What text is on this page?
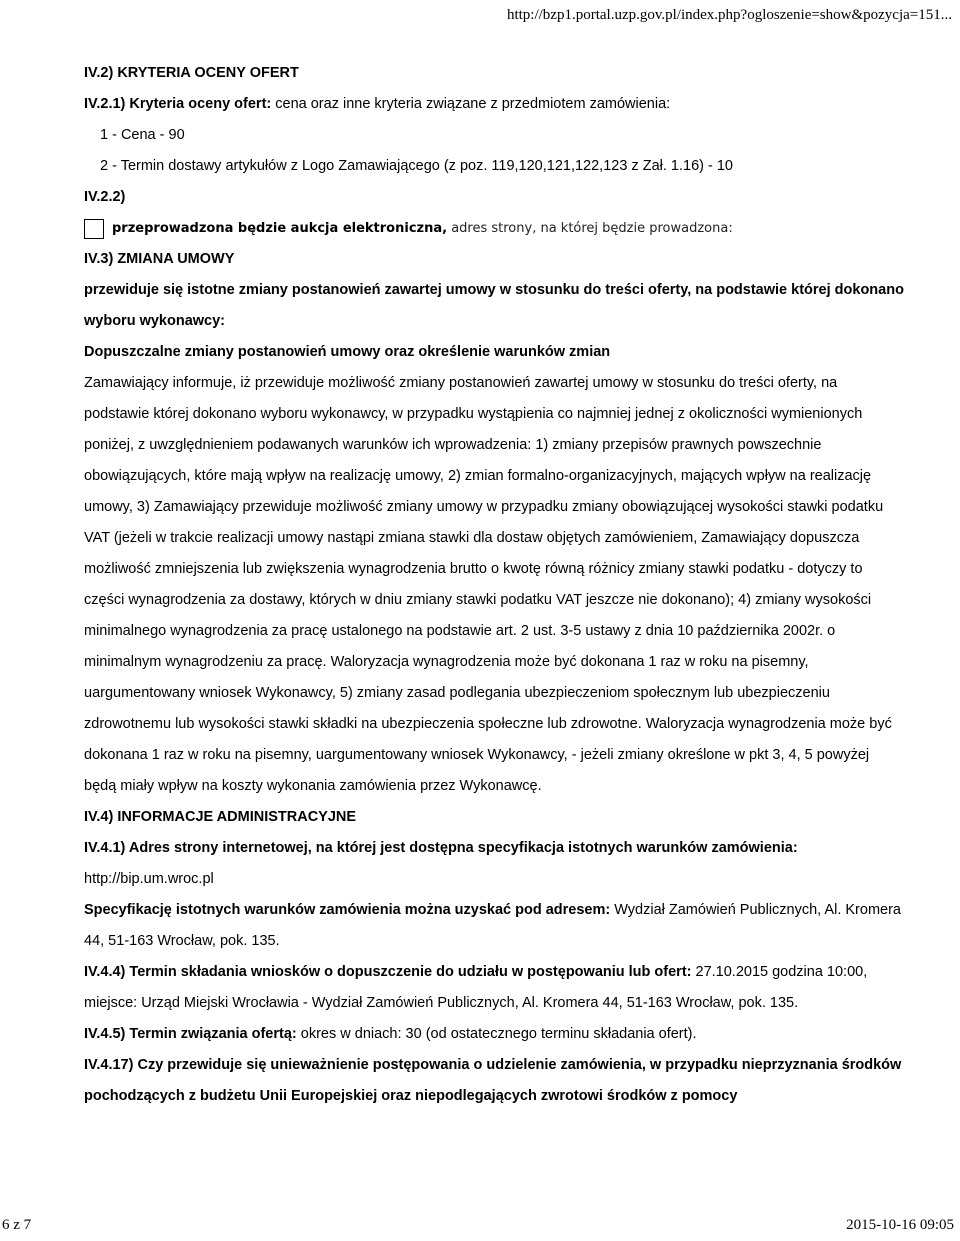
http://bzp1.portal.uzp.gov.pl/index.php?ogloszenie=show&pozycja=151...
IV.2) KRYTERIA OCENY OFERT
IV.2.1) Kryteria oceny ofert: cena oraz inne kryteria związane z przedmiotem zamówienia:
1 - Cena - 90
2 - Termin dostawy artykułów z Logo Zamawiającego (z poz. 119,120,121,122,123 z Zał. 1.16) - 10
IV.2.2)
przeprowadzona będzie aukcja elektroniczna, adres strony, na której będzie prowadzona:
IV.3) ZMIANA UMOWY

przewiduje się istotne zmiany postanowień zawartej umowy w stosunku do treści oferty, na podstawie której dokonano wyboru wykonawcy:

Dopuszczalne zmiany postanowień umowy oraz określenie warunków zmian

Zamawiający informuje, iż przewiduje możliwość zmiany postanowień zawartej umowy w stosunku do treści oferty, na podstawie której dokonano wyboru wykonawcy, w przypadku wystąpienia co najmniej jednej z okoliczności wymienionych poniżej, z uwzględnieniem podawanych warunków ich wprowadzenia: 1) zmiany przepisów prawnych powszechnie obowiązujących, które mają wpływ na realizację umowy, 2) zmian formalno-organizacyjnych, mających wpływ na realizację umowy, 3) Zamawiający przewiduje możliwość zmiany umowy w przypadku zmiany obowiązującej wysokości stawki podatku VAT (jeżeli w trakcie realizacji umowy nastąpi zmiana stawki dla dostaw objętych zamówieniem, Zamawiający dopuszcza możliwość zmniejszenia lub zwiększenia wynagrodzenia brutto o kwotę równą różnicy zmiany stawki podatku - dotyczy to części wynagrodzenia za dostawy, których w dniu zmiany stawki podatku VAT jeszcze nie dokonano); 4) zmiany wysokości minimalnego wynagrodzenia za pracę ustalonego na podstawie art. 2 ust. 3-5 ustawy z dnia 10 października 2002r. o minimalnym wynagrodzeniu za pracę. Waloryzacja wynagrodzenia może być dokonana 1 raz w roku na pisemny, uargumentowany wniosek Wykonawcy, 5) zmiany zasad podlegania ubezpieczeniom społecznym lub ubezpieczeniu zdrowotnemu lub wysokości stawki składki na ubezpieczenia społeczne lub zdrowotne. Waloryzacja wynagrodzenia może być dokonana 1 raz w roku na pisemny, uargumentowany wniosek Wykonawcy, - jeżeli zmiany określone w pkt 3, 4, 5 powyżej będą miały wpływ na koszty wykonania zamówienia przez Wykonawcę.

IV.4) INFORMACJE ADMINISTRACYJNE

IV.4.1) Adres strony internetowej, na której jest dostępna specyfikacja istotnych warunków zamówienia:

http://bip.um.wroc.pl

Specyfikację istotnych warunków zamówienia można uzyskać pod adresem: Wydział Zamówień Publicznych, Al. Kromera 44, 51-163 Wrocław, pok. 135.

IV.4.4) Termin składania wniosków o dopuszczenie do udziału w postępowaniu lub ofert: 27.10.2015 godzina 10:00, miejsce: Urząd Miejski Wrocławia - Wydział Zamówień Publicznych, Al. Kromera 44, 51-163 Wrocław, pok. 135.

IV.4.5) Termin związania ofertą: okres w dniach: 30 (od ostatecznego terminu składania ofert).

IV.4.17) Czy przewiduje się unieważnienie postępowania o udzielenie zamówienia, w przypadku nieprzyznania środków pochodzących z budżetu Unii Europejskiej oraz niepodlegających zwrotowi środków z pomocy

6 z 7	2015-10-16 09:05
